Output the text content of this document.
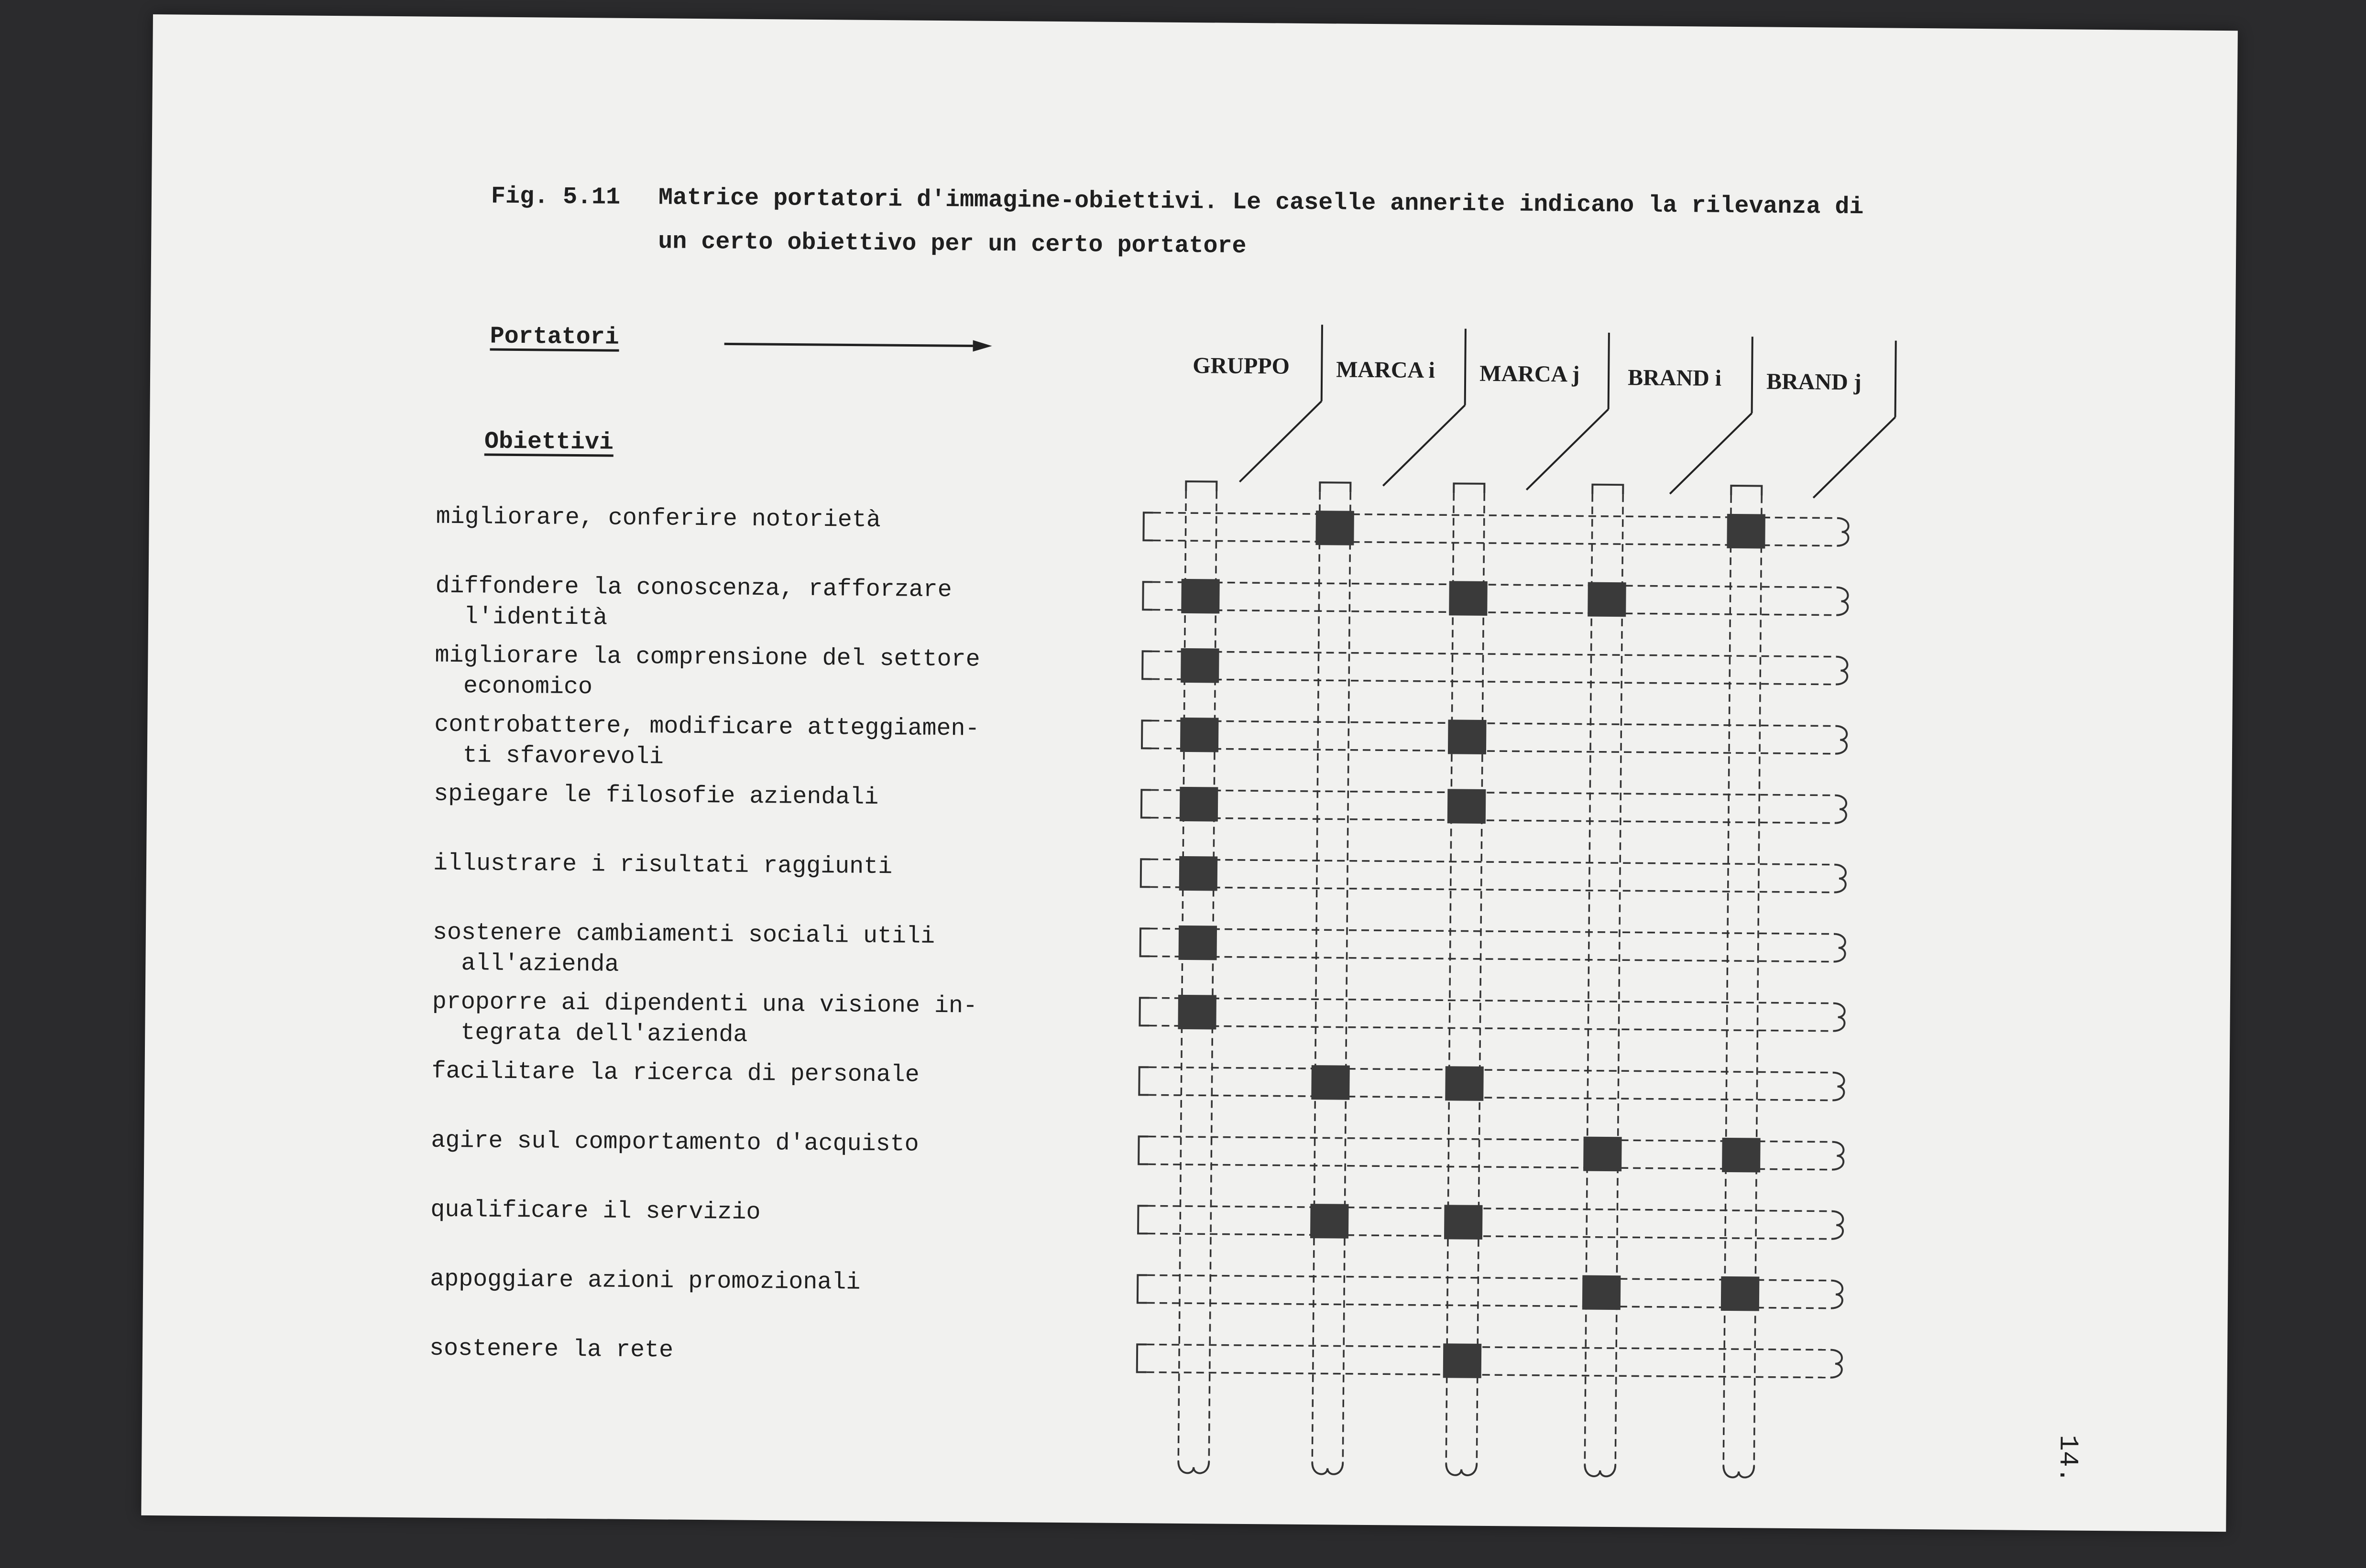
Fig. 5.11 Matrice portatori d'immagine-obiettivi. Le caselle annerite indicano la rilevanza di
un certo obiettivo per un certo portatore
Portatori
Obiettivi
migliorare, conferire notorietà
diffondere la conoscenza, rafforzare
l'identità
migliorare la comprensione del settore
economico
controbattere, modificare atteggiamen-
ti sfavorevoli
spiegare le filosofie aziendali
illustrare i risultati raggiunti
sostenere cambiamenti sociali utili
all'azienda
proporre ai dipendenti una visione in-
tegrata dell'azienda
facilitare la ricerca di personale
agire sul comportamento d'acquisto
qualificare il servizio
appoggiare azioni promozionali
sostenere la rete
GRUPPO MARCA i MARCA j BRAND i BRAND j
14.
